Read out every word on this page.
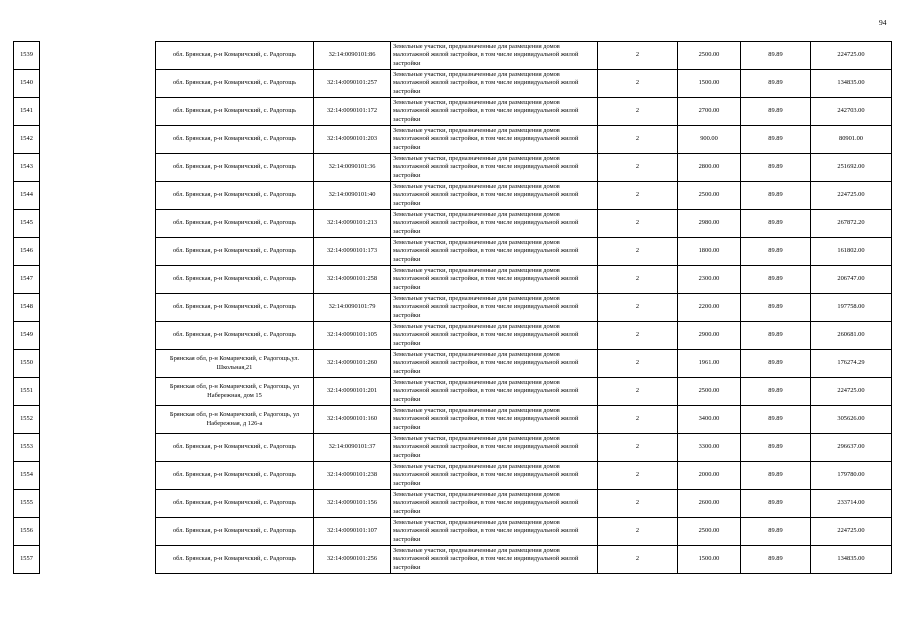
94
1539		обл. Брянская, р-н Комаричский, с. Радогощь	32:14:0090101:86	Земельные участки, предназначенные для размещения домов малоэтажной жилой застройки, в том числе индивидуальной жилой застройки	2	2500.00	89.89	224725.00
1540		обл. Брянская, р-н Комаричский, с. Радогощь	32:14:0090101:257	Земельные участки, предназначенные для размещения домов малоэтажной жилой застройки, в том числе индивидуальной жилой застройки	2	1500.00	89.89	134835.00
1541		обл. Брянская, р-н Комаричский, с. Радогощь	32:14:0090101:172	Земельные участки, предназначенные для размещения домов малоэтажной жилой застройки, в том числе индивидуальной жилой застройки	2	2700.00	89.89	242703.00
1542		обл. Брянская, р-н Комаричский, с. Радогощь	32:14:0090101:203	Земельные участки, предназначенные для размещения домов малоэтажной жилой застройки, в том числе индивидуальной жилой застройки	2	900.00	89.89	80901.00
1543		обл. Брянская, р-н Комаричский, с. Радогощь	32:14:0090101:36	Земельные участки, предназначенные для размещения домов малоэтажной жилой застройки, в том числе индивидуальной жилой застройки	2	2800.00	89.89	251692.00
1544		обл. Брянская, р-н Комаричский, с. Радогощь	32:14:0090101:40	Земельные участки, предназначенные для размещения домов малоэтажной жилой застройки, в том числе индивидуальной жилой застройки	2	2500.00	89.89	224725.00
1545		обл. Брянская, р-н Комаричский, с. Радогощь	32:14:0090101:213	Земельные участки, предназначенные для размещения домов малоэтажной жилой застройки, в том числе индивидуальной жилой застройки	2	2980.00	89.89	267872.20
1546		обл. Брянская, р-н Комаричский, с. Радогощь	32:14:0090101:173	Земельные участки, предназначенные для размещения домов малоэтажной жилой застройки, в том числе индивидуальной жилой застройки	2	1800.00	89.89	161802.00
1547		обл. Брянская, р-н Комаричский, с. Радогощь	32:14:0090101:258	Земельные участки, предназначенные для размещения домов малоэтажной жилой застройки, в том числе индивидуальной жилой застройки	2	2300.00	89.89	206747.00
1548		обл. Брянская, р-н Комаричский, с. Радогощь	32:14:0090101:79	Земельные участки, предназначенные для размещения домов малоэтажной жилой застройки, в том числе индивидуальной жилой застройки	2	2200.00	89.89	197758.00
1549		обл. Брянская, р-н Комаричский, с. Радогощь	32:14:0090101:105	Земельные участки, предназначенные для размещения домов малоэтажной жилой застройки, в том числе индивидуальной жилой застройки	2	2900.00	89.89	260681.00
1550		Брянская обл, р-н Комаричский, с Радогощь,ул. Школьная,21	32:14:0090101:260	Земельные участки, предназначенные для размещения домов малоэтажной жилой застройки, в том числе индивидуальной жилой застройки	2	1961.00	89.89	176274.29
1551		Брянская обл, р-н Комаричский, с Радогощь, ул Набережная, дом 15	32:14:0090101:201	Земельные участки, предназначенные для размещения домов малоэтажной жилой застройки, в том числе индивидуальной жилой застройки	2	2500.00	89.89	224725.00
1552		Брянская обл, р-н Комаричский, с Радогощь, ул Набережная, д 126-а	32:14:0090101:160	Земельные участки, предназначенные для размещения домов малоэтажной жилой застройки, в том числе индивидуальной жилой застройки	2	3400.00	89.89	305626.00
1553		обл. Брянская, р-н Комаричский, с. Радогощь	32:14:0090101:37	Земельные участки, предназначенные для размещения домов малоэтажной жилой застройки, в том числе индивидуальной жилой застройки	2	3300.00	89.89	296637.00
1554		обл. Брянская, р-н Комаричский, с. Радогощь	32:14:0090101:238	Земельные участки, предназначенные для размещения домов малоэтажной жилой застройки, в том числе индивидуальной жилой застройки	2	2000.00	89.89	179780.00
1555		обл. Брянская, р-н Комаричский, с. Радогощь	32:14:0090101:156	Земельные участки, предназначенные для размещения домов малоэтажной жилой застройки, в том числе индивидуальной жилой застройки	2	2600.00	89.89	233714.00
1556		обл. Брянская, р-н Комаричский, с. Радогощь	32:14:0090101:107	Земельные участки, предназначенные для размещения домов малоэтажной жилой застройки, в том числе индивидуальной жилой застройки	2	2500.00	89.89	224725.00
1557		обл. Брянская, р-н Комаричский, с. Радогощь	32:14:0090101:256	Земельные участки, предназначенные для размещения домов малоэтажной жилой застройки, в том числе индивидуальной жилой застройки	2	1500.00	89.89	134835.00
